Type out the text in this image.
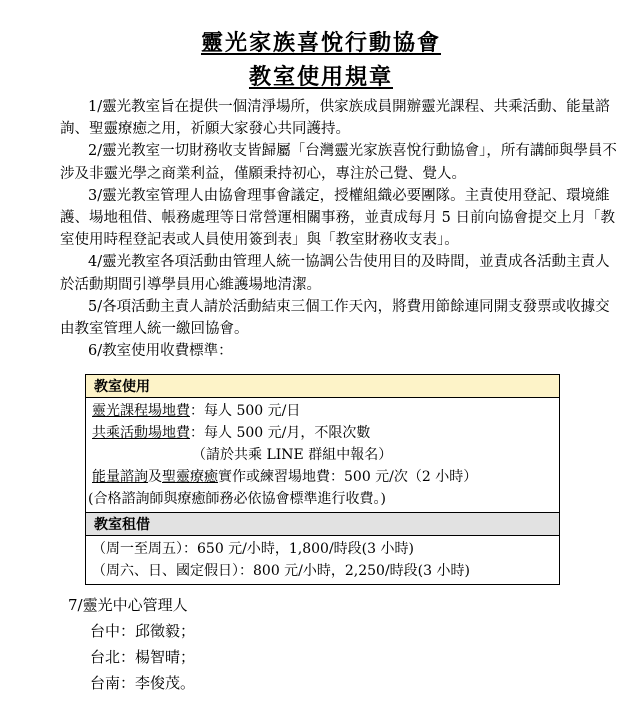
靈光家族喜悅行動協會
教室使用規章

1/靈光教室旨在提供一個清淨場所，供家族成員開辦靈光課程、共乘活動、能量諮詢、聖靈療癒之用，祈願大家發心共同護持。

2/靈光教室一切財務收支皆歸屬「台灣靈光家族喜悅行動協會」，所有講師與學員不涉及非靈光學之商業利益，僅願秉持初心，專注於己覺、覺人。

3/靈光教室管理人由協會理事會議定，授權組織必要團隊。主責使用登記、環境維護、場地租借、帳務處理等日常營運相關事務，並責成每月 5 日前向協會提交上月「教室使用時程登記表或人員使用簽到表」與「教室財務收支表」。

4/靈光教室各項活動由管理人統一協調公告使用目的及時間，並責成各活動主責人於活動期間引導學員用心維護場地清潔。

5/各項活動主責人請於活動結束三個工作天內，將費用節餘連同開支發票或收據交由教室管理人統一繳回協會。

6/教室使用收費標準：

教室使用

靈光課程場地費：每人 500 元/日
共乘活動場地費：每人 500 元/月，不限次數
（請於共乘 LINE 群組中報名）
能量諮詢及聖靈療癒實作或練習場地費：500 元/次（2 小時）
(合格諮詢師與療癒師務必依協會標準進行收費。)

教室租借

（周一至周五）：650 元/小時，1,800/時段(3 小時)
（周六、日、國定假日）：800 元/小時，2,250/時段(3 小時)
7/靈光中心管理人
台中：邱徵毅；
台北：楊智晴；
台南：李俊茂。
